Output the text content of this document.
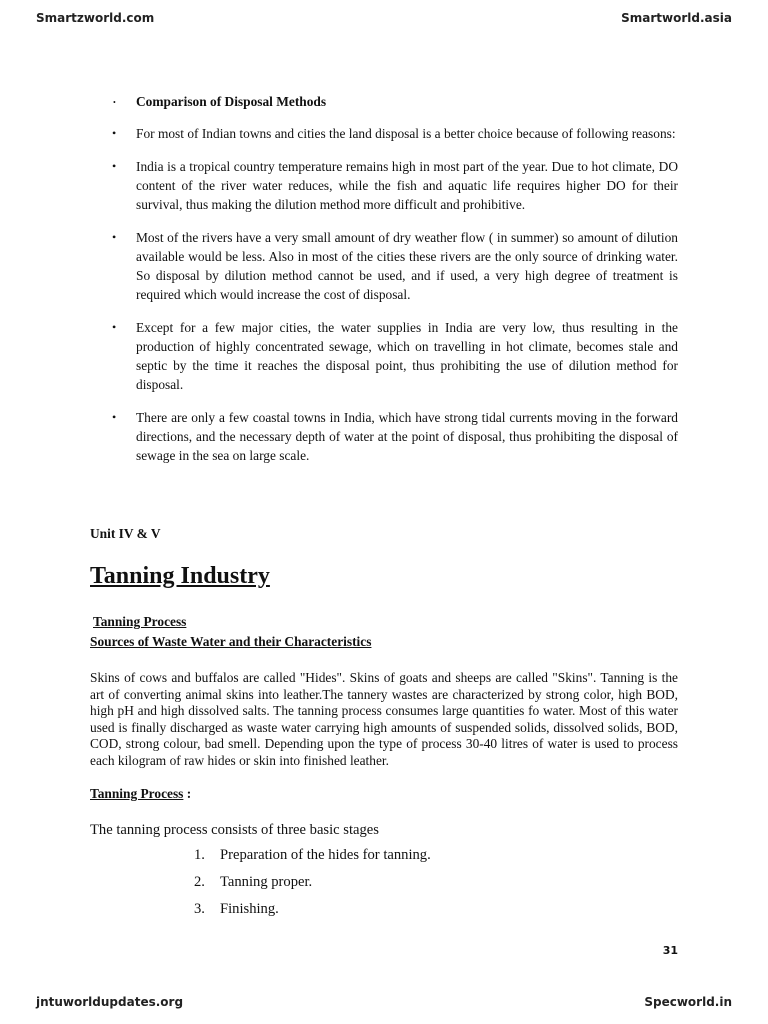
Smartzworld.com	Smartworld.asia
• Comparison of Disposal Methods
• For most of Indian towns and cities the land disposal is a better choice because of following reasons:
• India is a tropical country temperature remains high in most part of the year. Due to hot climate, DO content of the river water reduces, while the fish and aquatic life requires higher DO for their survival, thus making the dilution method more difficult and prohibitive.
• Most of the rivers have a very small amount of dry weather flow ( in summer) so amount of dilution available would be less. Also in most of the cities these rivers are the only source of drinking water. So disposal by dilution method cannot be used, and if used, a very high degree of treatment is required which would increase the cost of disposal.
• Except for a few major cities, the water supplies in India are very low, thus resulting in the production of highly concentrated sewage, which on travelling in hot climate, becomes stale and septic by the time it reaches the disposal point, thus prohibiting the use of dilution method for disposal.
• There are only a few coastal towns in India, which have strong tidal currents moving in the forward directions, and the necessary depth of water at the point of disposal, thus prohibiting the disposal of sewage in the sea on large scale.
Unit IV & V
Tanning Industry
Tanning Process
Sources of Waste Water and their Characteristics

Skins of cows and buffalos are called "Hides". Skins of goats and sheeps are called "Skins". Tanning is the art of converting animal skins into leather.The tannery wastes are characterized by strong color, high BOD, high pH and high dissolved salts. The tanning process consumes large quantities fo water. Most of this water used is finally discharged as waste water carrying high amounts of suspended solids, dissolved solids, BOD, COD, strong colour, bad smell. Depending upon the type of process 30-40 litres of water is used to process each kilogram of raw hides or skin into finished leather.

Tanning Process :
The tanning process consists of three basic stages
1. Preparation of the hides for tanning.
2. Tanning proper.
3. Finishing.
31
jntuworldupdates.org	Specworld.in
